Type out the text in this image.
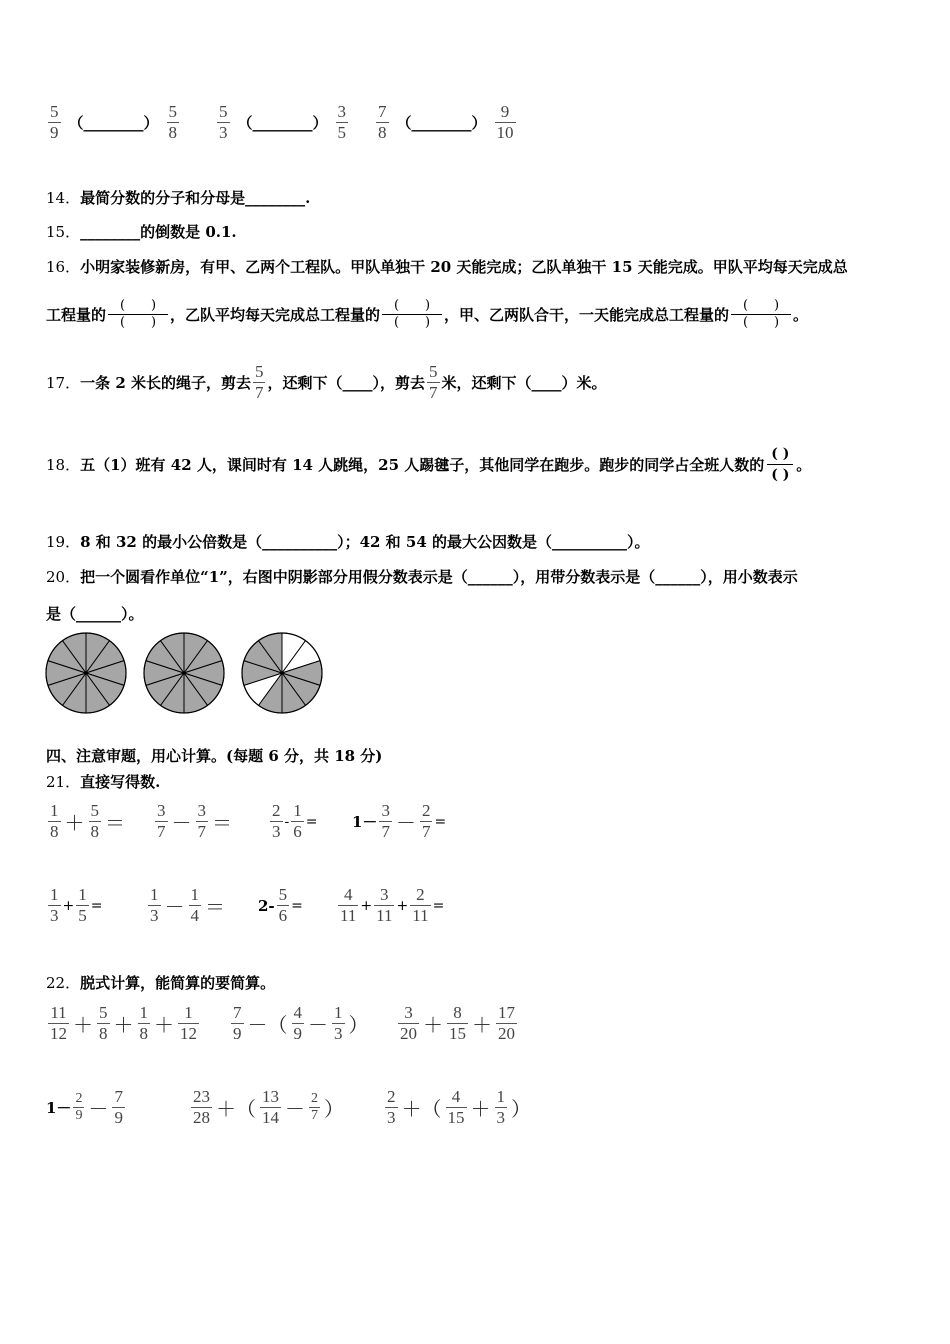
$\frac{5}{9}$ （________） $\frac{5}{8} \frac{5}{3}$ （________） $\frac{3}{5} \frac{7}{8}$ （________） $\frac{9}{10}$
14．最简分数的分子和分母是________.
15．________的倒数是 0.1.
16．小明家装修新房，有甲、乙两个工程队。甲队单独干 20 天能完成；乙队单独干 15 天能完成。甲队平均每天完成总
工程量的
(　　)
(　　) ，乙队平均每天完成总工程量的
(　　)
(　　) ，甲、乙两队合干，一天能完成总工程量的
(　　)
(　　) 。
17． 一条 2 米长的绳子，剪去 $\frac{5}{7}$ ，还剩下（____），剪去 $\frac{5}{7}$ 米，还剩下（____）米。
18． 五（1）班有 42 人，课间时有 14 人跳绳，25 人踢毽子，其他同学在跑步。跑步的同学占全班人数的
( )
( )
。
19．8 和 32 的最小公倍数是（__________）；42 和 54 的最大公因数是（__________）。
20．把一个圆看作单位“1”，右图中阴影部分用假分数表示是（______），用带分数表示是（______），用小数表示
是（______）。
四、注意审题，用心计算。(每题 6 分，共 18 分)
21．直接写得数.
$\frac{1}{8} + \frac{5}{8} = \frac{3}{7} - \frac{3}{7} = \frac{2}{3} - \frac{1}{6} = 1- \frac{3}{7} - \frac{2}{7}$ =
$\frac{1}{3} + \frac{1}{5}$ =	$\frac{1}{3} - \frac{1}{4} = 2- \frac{5}{6} = \frac{4}{11} + \frac{3}{11} + \frac{2}{11}$ =
22．脱式计算，能简算的要简算。
$\frac{11}{12} + \frac{5}{8} + \frac{1}{8} + \frac{1}{12} \frac{7}{9}$ －（ $\frac{4}{9} - \frac{1}{3}$ ） $\frac{3}{20} + \frac{8}{15} + \frac{17}{20}$
$1- \frac{2}{9} - \frac{7}{9}$	$\frac{23}{28}$ ＋（ $\frac{13}{14} - \frac{2}{7}$ ） $\frac{2}{3}$ ＋（ $\frac{4}{15} + \frac{1}{3}$ ）
